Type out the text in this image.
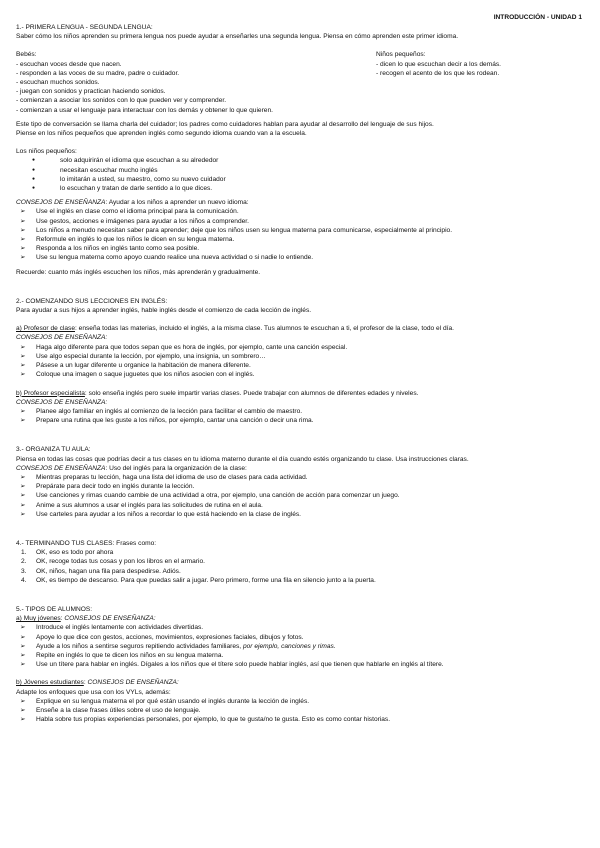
INTRODUCCIÓN - UNIDAD 1
1.- PRIMERA LENGUA - SEGUNDA LENGUA:
Saber cómo los niños aprenden su primera lengua nos puede ayudar a enseñarles una segunda lengua. Piensa en cómo aprenden este primer idioma.
Bebés:
- escuchan voces desde que nacen.
- responden a las voces de su madre, padre o cuidador.
- escuchan muchos sonidos.
- juegan con sonidos y practican haciendo sonidos.
- comienzan a asociar los sonidos con lo que pueden ver y comprender.
- comienzan a usar el lenguaje para interactuar con los demás y obtener lo que quieren.
Niños pequeños:
- dicen lo que escuchan decir a los demás.
- recogen el acento de los que les rodean.
Este tipo de conversación se llama charla del cuidador; los padres como cuidadores hablan para ayudar al desarrollo del lenguaje de sus hijos.
Piense en los niños pequeños que aprenden inglés como segundo idioma cuando van a la escuela.
Los niños pequeños:
● solo adquirirán el idioma que escuchan a su alrededor
● necesitan escuchar mucho inglés
● lo imitarán a usted, su maestro, como su nuevo cuidador
● lo escuchan y tratan de darle sentido a lo que dices.
CONSEJOS DE ENSEÑANZA: Ayudar a los niños a aprender un nuevo idioma:
➢ Use el inglés en clase como el idioma principal para la comunicación.
➢ Use gestos, acciones e imágenes para ayudar a los niños a comprender.
➢ Los niños a menudo necesitan saber para aprender; deje que los niños usen su lengua materna para comunicarse, especialmente al principio.
➢ Reformule en inglés lo que los niños le dicen en su lengua materna.
➢ Responda a los niños en inglés tanto como sea posible.
➢ Use su lengua materna como apoyo cuando realice una nueva actividad o si nadie lo entiende.
Recuerde: cuanto más inglés escuchen los niños, más aprenderán y gradualmente.
2.- COMENZANDO SUS LECCIONES EN INGLÉS:
Para ayudar a sus hijos a aprender inglés, hable inglés desde el comienzo de cada lección de inglés.
a) Profesor de clase: enseña todas las materias, incluido el inglés, a la misma clase. Tus alumnos te escuchan a ti, el profesor de la clase, todo el día.
CONSEJOS DE ENSEÑANZA:
➢ Haga algo diferente para que todos sepan que es hora de inglés, por ejemplo, cante una canción especial.
➢ Use algo especial durante la lección, por ejemplo, una insignia, un sombrero…
➢ Pásese a un lugar diferente u organice la habitación de manera diferente.
➢ Coloque una imagen o saque juguetes que los niños asocien con el inglés.
b) Profesor especialista: solo enseña inglés pero suele impartir varias clases. Puede trabajar con alumnos de diferentes edades y niveles.
CONSEJOS DE ENSEÑANZA:
➢ Planee algo familiar en inglés al comienzo de la lección para facilitar el cambio de maestro.
➢ Prepare una rutina que les guste a los niños, por ejemplo, cantar una canción o decir una rima.
3.- ORGANIZA TU AULA:
Piensa en todas las cosas que podrías decir a tus clases en tu idioma materno durante el día cuando estés organizando tu clase. Usa instrucciones claras.
CONSEJOS DE ENSEÑANZA: Uso del inglés para la organización de la clase:
➢ Mientras preparas tu lección, haga una lista del idioma de uso de clases para cada actividad.
➢ Prepárate para decir todo en inglés durante la lección.
➢ Use canciones y rimas cuando cambie de una actividad a otra, por ejemplo, una canción de acción para comenzar un juego.
➢ Anime a sus alumnos a usar el inglés para las solicitudes de rutina en el aula.
➢ Use carteles para ayudar a los niños a recordar lo que está haciendo en la clase de inglés.
4.- TERMINANDO TUS CLASES: Frases como:
1. OK, eso es todo por ahora
2. OK, recoge todas tus cosas y pon los libros en el armario.
3. OK, niños, hagan una fila para despedirse. Adiós.
4. OK, es tiempo de descanso. Para que puedas salir a jugar. Pero primero, forme una fila en silencio junto a la puerta.
5.- TIPOS DE ALUMNOS:
a) Muy jóvenes: CONSEJOS DE ENSEÑANZA:
➢ Introduce el inglés lentamente con actividades divertidas.
➢ Apoye lo que dice con gestos, acciones, movimientos, expresiones faciales, dibujos y fotos.
➢ Ayude a los niños a sentirse seguros repitiendo actividades familiares, por ejemplo, canciones y rimas.
➢ Repite en inglés lo que te dicen los niños en su lengua materna.
➢ Use un títere para hablar en inglés. Dígales a los niños que el títere solo puede hablar inglés, así que tienen que hablarle en inglés al títere.
b) Jóvenes estudiantes: CONSEJOS DE ENSEÑANZA:
Adapte los enfoques que usa con los VYLs, además:
➢ Explique en su lengua materna el por qué están usando el inglés durante la lección de inglés.
➢ Enseñe a la clase frases útiles sobre el uso de lenguaje.
➢ Habla sobre tus propias experiencias personales, por ejemplo, lo que te gusta/no te gusta. Esto es como contar historias.
